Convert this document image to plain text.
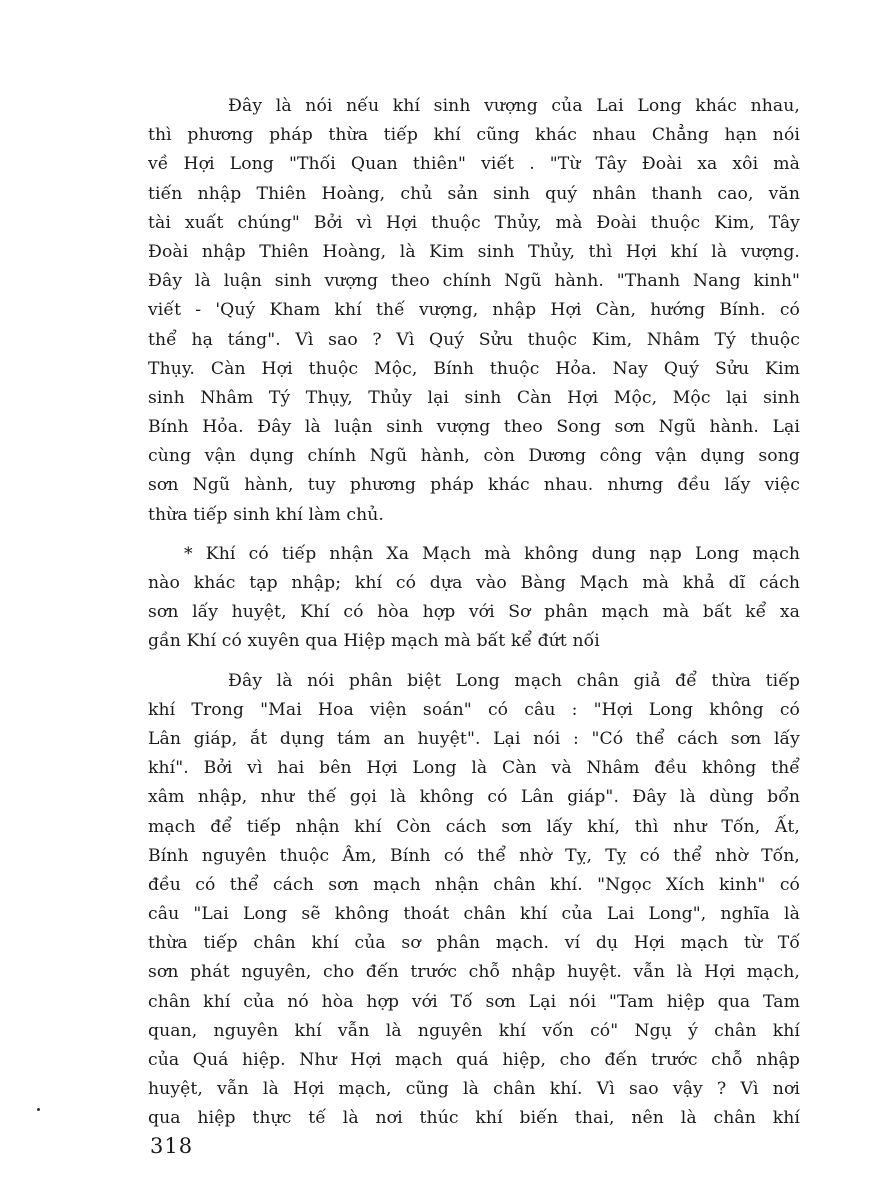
Đây là nói nếu khí sinh vượng của Lai Long khác nhau,
thì phương pháp thừa tiếp khí cũng khác nhau Chẳng hạn nói
về Hợi Long "Thối Quan thiên" viết . "Từ Tây Đoài xa xôi mà
tiến nhập Thiên Hoàng, chủ sản sinh quý nhân thanh cao, văn
tài xuất chúng" Bởi vì Hợi thuộc Thủy, mà Đoài thuộc Kim, Tây
Đoài nhập Thiên Hoàng, là Kim sinh Thủy, thì Hợi khí là vượng.
Đây là luận sinh vượng theo chính Ngũ hành. "Thanh Nang kinh"
viết - 'Quý Kham khí thế vượng, nhập Hợi Càn, hướng Bính. có
thể hạ táng". Vì sao ? Vì Quý Sửu thuộc Kim, Nhâm Tý thuộc
Thụy. Càn Hợi thuộc Mộc, Bính thuộc Hỏa. Nay Quý Sửu Kim
sinh Nhâm Tý Thụy, Thủy lại sinh Càn Hợi Mộc, Mộc lại sinh
Bính Hỏa. Đây là luận sinh vượng theo Song sơn Ngũ hành. Lại
cùng vận dụng chính Ngũ hành, còn Dương công vận dụng song
sơn Ngũ hành, tuy phương pháp khác nhau. nhưng đều lấy việc
thừa tiếp sinh khí làm chủ.
* Khí có tiếp nhận Xa Mạch mà không dung nạp Long mạch
nào khác tạp nhập; khí có dựa vào Bàng Mạch mà khả dĩ cách
sơn lấy huyệt, Khí có hòa hợp với Sơ phân mạch mà bất kể xa
gần Khí có xuyên qua Hiệp mạch mà bất kể đứt nối
Đây là nói phân biệt Long mạch chân giả để thừa tiếp
khí Trong "Mai Hoa viện soán" có câu : "Hợi Long không có
Lân giáp, ắt dụng tám an huyệt". Lại nói : "Có thể cách sơn lấy
khí". Bởi vì hai bên Hợi Long là Càn và Nhâm đều không thể
xâm nhập, như thế gọi là không có Lân giáp". Đây là dùng bổn
mạch để tiếp nhận khí Còn cách sơn lấy khí, thì như Tốn, Ất,
Bính nguyên thuộc Âm, Bính có thể nhờ Tỵ, Tỵ có thể nhờ Tốn,
đều có thể cách sơn mạch nhận chân khí. "Ngọc Xích kinh" có
câu "Lai Long sẽ không thoát chân khí của Lai Long", nghĩa là
thừa tiếp chân khí của sơ phân mạch. ví dụ Hợi mạch từ Tố
sơn phát nguyên, cho đến trước chỗ nhập huyệt. vẫn là Hợi mạch,
chân khí của nó hòa hợp với Tố sơn Lại nói "Tam hiệp qua Tam
quan, nguyên khí vẫn là nguyên khí vốn có" Ngụ ý chân khí
của Quá hiệp. Như Hợi mạch quá hiệp, cho đến trước chỗ nhập
huyệt, vẫn là Hợi mạch, cũng là chân khí. Vì sao vậy ? Vì nơi
qua hiệp thực tế là nơi thúc khí biến thai, nên là chân khí
318
